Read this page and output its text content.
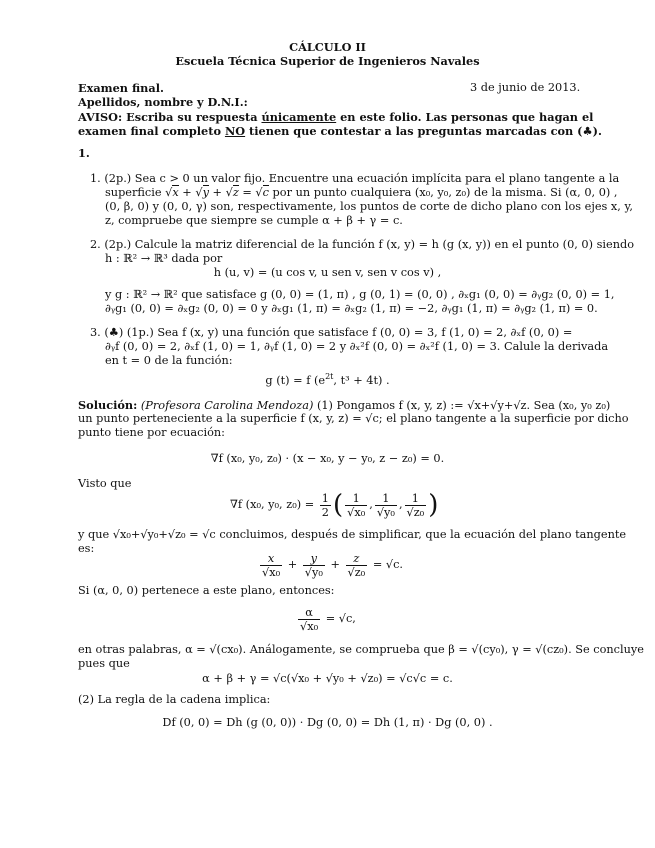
CÁLCULO II
Escuela Técnica Superior de Ingenieros Navales
Examen final.	3 de junio de 2013.
Apellidos, nombre y D.N.I.:
AVISO: Escriba su respuesta únicamente en este folio. Las personas que hagan el
examen final completo NO tienen que contestar a las preguntas marcadas con (♣).
1.
1. (2p.) Sea c > 0 un valor fijo. Encuentre una ecuación implícita para el plano tangente a la
superficie √x + √y + √z = √c por un punto cualquiera (x₀, y₀, z₀) de la misma. Si (α, 0, 0) ,
(0, β, 0) y (0, 0, γ) son, respectivamente, los puntos de corte de dicho plano con los ejes x, y,
z, compruebe que siempre se cumple α + β + γ = c.
2. (2p.) Calcule la matriz diferencial de la función f (x, y) = h (g (x, y)) en el punto (0, 0) siendo
h : ℝ² → ℝ³ dada por
h (u, v) = (u cos v, u sen v, sen v cos v) ,
y g : ℝ² → ℝ² que satisface g (0, 0) = (1, π) , g (0, 1) = (0, 0) , ∂ₓg₁ (0, 0) = ∂ᵧg₂ (0, 0) = 1,
∂ᵧg₁ (0, 0) = ∂ₓg₂ (0, 0) = 0 y ∂ₓg₁ (1, π) = ∂ₓg₂ (1, π) = −2, ∂ᵧg₁ (1, π) = ∂ᵧg₂ (1, π) = 0.
3. (♣) (1p.) Sea f (x, y) una función que satisface f (0, 0) = 3, f (1, 0) = 2, ∂ₓf (0, 0) =
∂ᵧf (0, 0) = 2, ∂ₓf (1, 0) = 1, ∂ᵧf (1, 0) = 2 y ∂ₓ²f (0, 0) = ∂ₓ²f (1, 0) = 3. Calule la derivada
en t = 0 de la función:
g (t) = f ($e^{2t}$, t³ + 4t) .
Solución: (Profesora Carolina Mendoza) (1) Pongamos f (x, y, z) := √x+√y+√z. Sea (x₀, y₀ z₀)
un punto perteneciente a la superficie f (x, y, z) = √c; el plano tangente a la superficie por dicho
punto tiene por ecuación:
∇f (x₀, y₀, z₀) · (x − x₀, y − y₀, z − z₀) = 0.
Visto que
∇f (x₀, y₀, $z_0) = \frac{1}{2}$ ( $\frac{1}{\text{√x₀}}$ , $\frac{1}{\text{√y₀}}$ , $\frac{1}{\text{√z₀}}$ )
y que √x₀+√y₀+√z₀ = √c concluimos, después de simplificar, que la ecuación del plano tangente
es:
$\frac{x}{\text{√x₀}} + \frac{y}{\text{√y₀}} + \frac{z}{\text{√z₀}} = √c$.
Si (α, 0, 0) pertenece a este plano, entonces:
$\frac{\alpha}{\text{√x₀}} = √c$,
en otras palabras, α = √(cx₀). Análogamente, se comprueba que β = √(cy₀), γ = √(cz₀). Se concluye
pues que
α + β + γ = √c(√x₀ + √y₀ + √z₀) = √c√c = c.
(2) La regla de la cadena implica:
Df (0, 0) = Dh (g (0, 0)) · Dg (0, 0) = Dh (1, π) · Dg (0, 0) .
